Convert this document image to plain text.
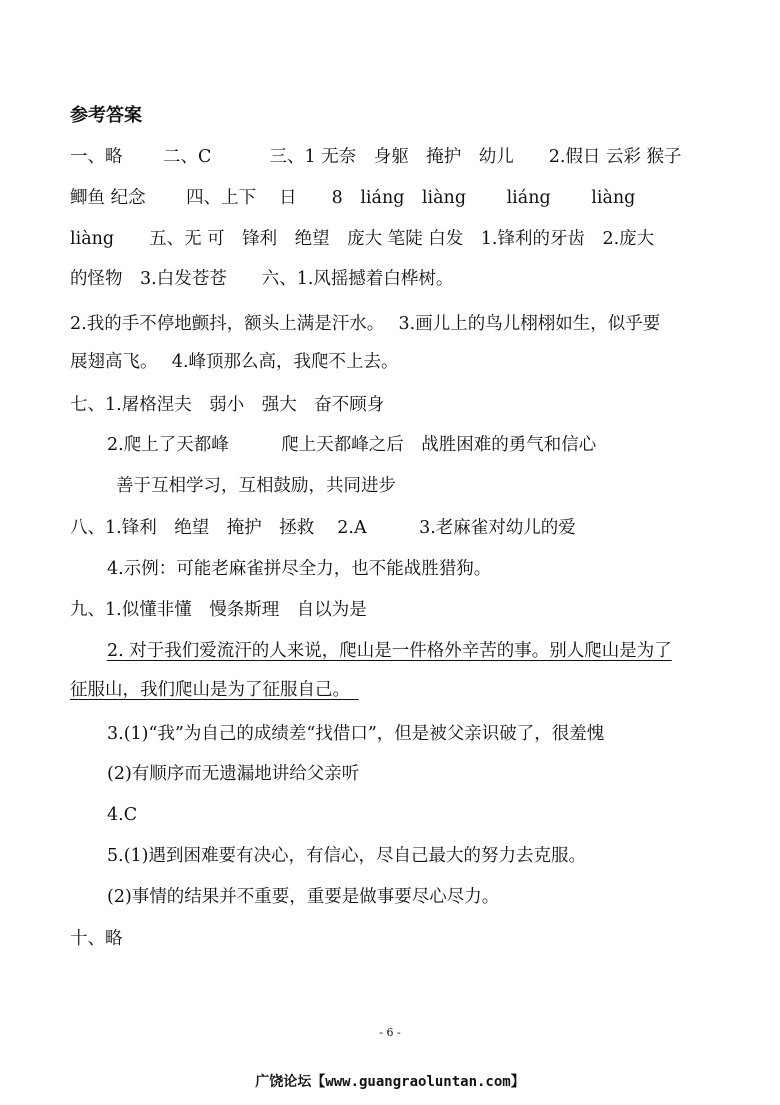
参考答案
一、略　　 二、C　　　 三、1 无奈　身躯　掩护　幼儿　　2.假日 云彩 猴子
鲫鱼 纪念　　 四、上下　 日　　8　liáng　liàng　　 liáng　　 liàng
liàng　　五、无 可　锋利　绝望　庞大 笔陡 白发　1.锋利的牙齿　2.庞大
的怪物　3.白发苍苍　　六、1.风摇撼着白桦树。
2.我的手不停地颤抖，额头上满是汗水。　 3.画儿上的鸟儿栩栩如生，似乎要
展翅高飞。　 4.峰顶那么高，我爬不上去。
七、1.屠格涅夫　弱小　强大　奋不顾身
2.爬上了天都峰　　　爬上天都峰之后　战胜困难的勇气和信心
善于互相学习，互相鼓励，共同进步
八、1.锋利　绝望　掩护　拯救　 2.A　　　3.老麻雀对幼儿的爱
4.示例：可能老麻雀拼尽全力，也不能战胜猎狗。
九、1.似懂非懂　慢条斯理　自以为是
2. 对于我们爱流汗的人来说，爬山是一件格外辛苦的事。别人爬山是为了
征服山，我们爬山是为了征服自己。　
3.(1)“我”为自己的成绩差“找借口”，但是被父亲识破了，很羞愧
(2)有顺序而无遗漏地讲给父亲听
4.C
5.(1)遇到困难要有决心，有信心，尽自己最大的努力去克服。
(2)事情的结果并不重要，重要是做事要尽心尽力。
十、略
- 6 -
广饶论坛【www.guangraoluntan.com】
